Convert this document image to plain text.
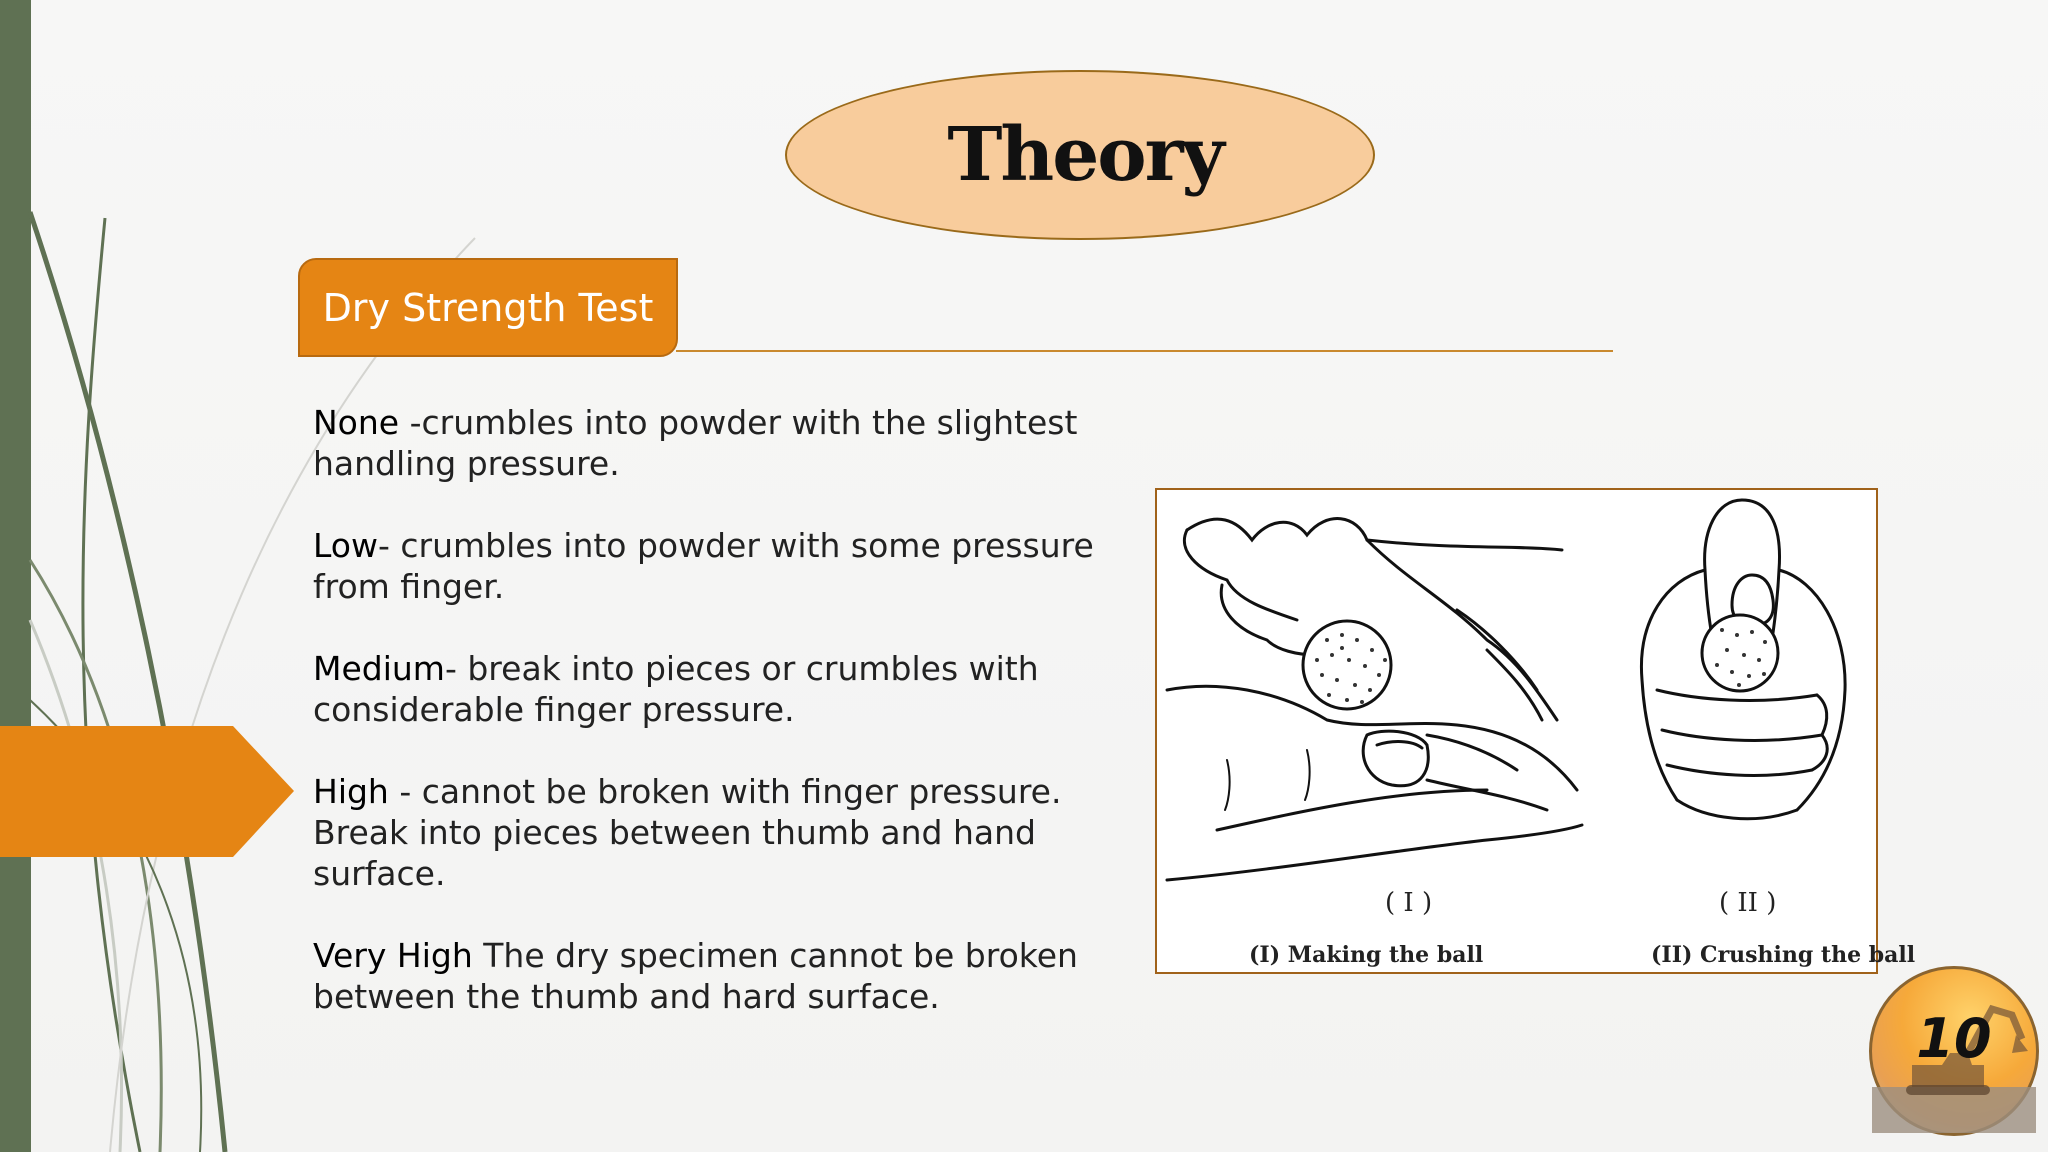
Theory
Dry Strength Test

None -crumbles into powder with the slightest handling pressure.

Low- crumbles into powder with some pressure from finger.

Medium- break into pieces or crumbles with considerable finger pressure.

High - cannot be broken with finger pressure. Break into pieces between thumb and hand surface.

Very High The dry specimen cannot be broken between the thumb and hard surface.

( I )	( II )
(I) Making the ball	(II) Crushing the ball
10
